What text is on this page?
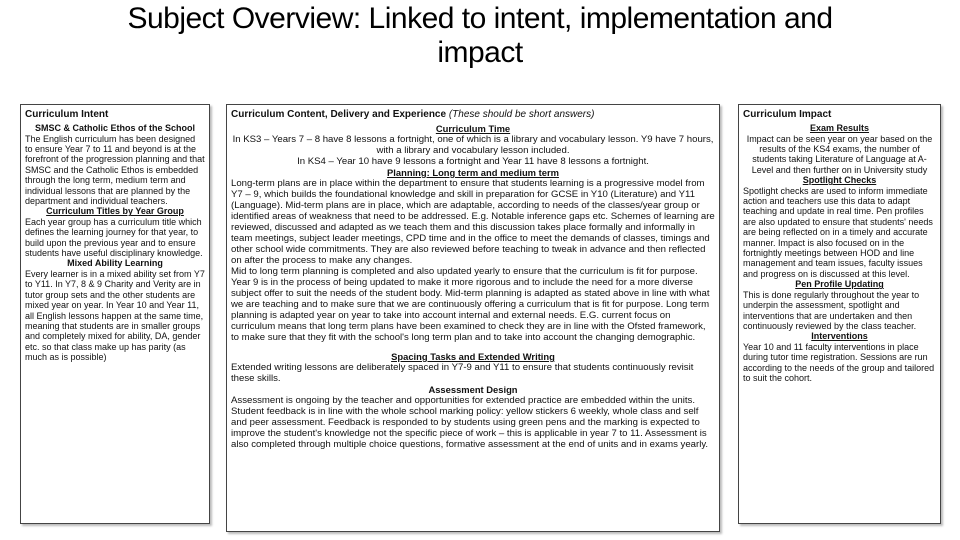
Subject Overview: Linked to intent, implementation and
impact
Curriculum Intent
SMSC & Catholic Ethos of the School
The English curriculum has been designed to ensure Year 7 to 11 and beyond is at the forefront of the progression planning and that SMSC and the Catholic Ethos is embedded through the long term, medium term and individual lessons that are planned by the department and individual teachers.
Curriculum Titles by Year Group
Each year group has a curriculum title which defines the learning journey for that year, to build upon the previous year and to ensure students have useful disciplinary knowledge.
Mixed Ability Learning
Every learner is in a mixed ability set from Y7 to Y11. In Y7, 8 & 9 Charity and Verity are in tutor group sets and the other students are mixed year on year. In Year 10 and Year 11, all English lessons happen at the same time, meaning that students are in smaller groups and completely mixed for ability, DA, gender etc. so that class make up has parity (as much as is possible)
Curriculum Content, Delivery and Experience (These should be short answers)
Curriculum Time
In KS3 – Years 7 – 8 have 8 lessons a fortnight, one of which is a library and vocabulary lesson. Y9 have 7 hours, with a library and vocabulary lesson included.
In KS4 – Year 10 have 9 lessons a fortnight and Year 11 have 8 lessons a fortnight.
Planning: Long term and medium term
Long-term plans are in place within the department to ensure that students learning is a progressive model from Y7 – 9, which builds the foundational knowledge and skill in preparation for GCSE in Y10 (Literature) and Y11 (Language). Mid-term plans are in place, which are adaptable, according to needs of the classes/year group or identified areas of weakness that need to be addressed. E.g. Notable inference gaps etc. Schemes of learning are reviewed, discussed and adapted as we teach them and this discussion takes place formally and informally in team meetings, subject leader meetings, CPD time and in the office to meet the demands of classes, timings and other school wide commitments. They are also reviewed before teaching to tweak in advance and then reflected on after the process to make any changes.
Mid to long term planning is completed and also updated yearly to ensure that the curriculum is fit for purpose. Year 9 is in the process of being updated to make it more rigorous and to include the need for a more diverse subject offer to suit the needs of the student body. Mid-term planning is adapted as stated above in line with what we are teaching and to make sure that we are continuously offering a curriculum that is fit for purpose. Long term planning is adapted year on year to take into account internal and external needs. E.G. current focus on curriculum means that long term plans have been examined to check they are in line with the Ofsted framework, to make sure that they fit with the school's long term plan and to take into account the changing demographic.
Spacing Tasks and Extended Writing
Extended writing lessons are deliberately spaced in Y7-9 and Y11 to ensure that students continuously revisit these skills.
Assessment Design
Assessment is ongoing by the teacher and opportunities for extended practice are embedded within the units. Student feedback is in line with the whole school marking policy: yellow stickers 6 weekly, whole class and self and peer assessment. Feedback is responded to by students using green pens and the marking is expected to improve the student's knowledge not the specific piece of work – this is applicable in year 7 to 11. Assessment is also completed through multiple choice questions, formative assessment at the end of units and in exams yearly.
Curriculum Impact
Exam Results
Impact can be seen year on year based on the results of the KS4 exams, the number of students taking Literature of Language at A-Level and then further on in University study
Spotlight Checks
Spotlight checks are used to inform immediate action and teachers use this data to adapt teaching and update in real time. Pen profiles are also updated to ensure that students' needs are being reflected on in a timely and accurate manner. Impact is also focused on in the fortnightly meetings between HOD and line management and team issues, faculty issues and progress on is discussed at this level.
Pen Profile Updating
This is done regularly throughout the year to underpin the assessment, spotlight and interventions that are undertaken and then continuously reviewed by the class teacher.
Interventions
Year 10 and 11 faculty interventions in place during tutor time registration. Sessions are run according to the needs of the group and tailored to suit the cohort.
